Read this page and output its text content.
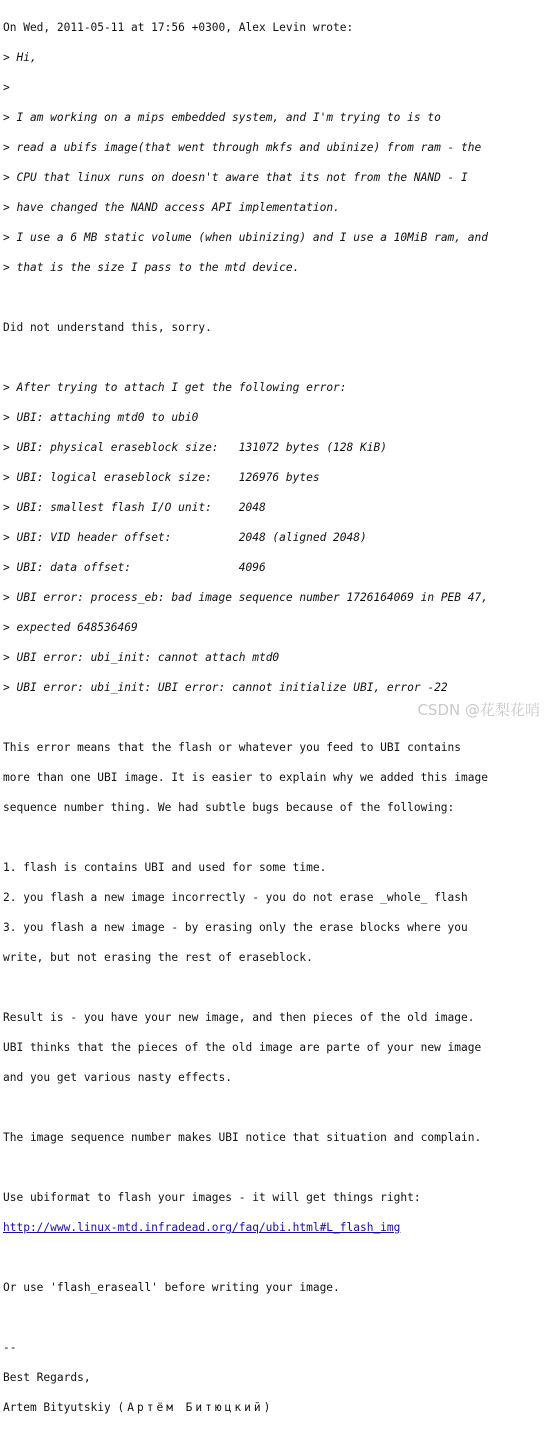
On Wed, 2011-05-11 at 17:56 +0300, Alex Levin wrote:

> Hi,

>

> I am working on a mips embedded system, and I'm trying to is to

> read a ubifs image(that went through mkfs and ubinize) from ram - the

> CPU that linux runs on doesn't aware that its not from the NAND - I

> have changed the NAND access API implementation.

> I use a 6 MB static volume (when ubinizing) and I use a 10MiB ram, and

> that is the size I pass to the mtd device.

Did not understand this, sorry.

> After trying to attach I get the following error:

> UBI: attaching mtd0 to ubi0

> UBI: physical eraseblock size:   131072 bytes (128 KiB)

> UBI: logical eraseblock size:    126976 bytes

> UBI: smallest flash I/O unit:    2048

> UBI: VID header offset:          2048 (aligned 2048)

> UBI: data offset:                4096

> UBI error: process_eb: bad image sequence number 1726164069 in PEB 47,

> expected 648536469

> UBI error: ubi_init: cannot attach mtd0

> UBI error: ubi_init: UBI error: cannot initialize UBI, error -22

This error means that the flash or whatever you feed to UBI contains

more than one UBI image. It is easier to explain why we added this image

sequence number thing. We had subtle bugs because of the following:

1. flash is contains UBI and used for some time.

2. you flash a new image incorrectly - you do not erase _whole_ flash

3. you flash a new image - by erasing only the erase blocks where you

write, but not erasing the rest of eraseblock.

Result is - you have your new image, and then pieces of the old image.

UBI thinks that the pieces of the old image are parte of your new image

and you get various nasty effects.

The image sequence number makes UBI notice that situation and complain.

Use ubiformat to flash your images - it will get things right:

http://www.linux-mtd.infradead.org/faq/ubi.html#L_flash_img

Or use 'flash_eraseall' before writing your image.

--

Best Regards,

Artem Bityutskiy (Артём Битюцкий)

CSDN @花梨花哨
